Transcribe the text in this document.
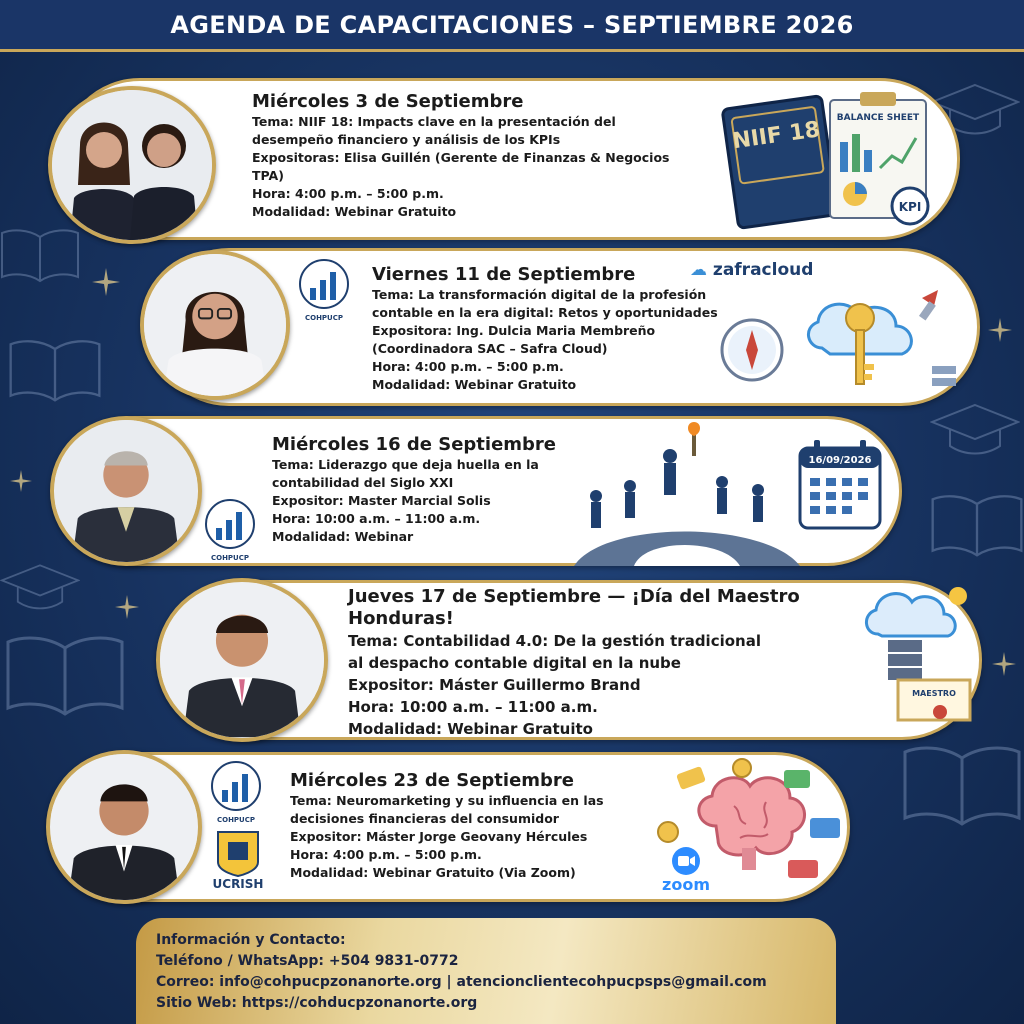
AGENDA DE CAPACITACIONES – SEPTIEMBRE 2026
Miércoles 3 de Septiembre
Tema: NIIF 18: Impacts clave en la presentación del
desempeño financiero y análisis de los KPIs
Expositoras: Elisa Guillén (Gerente de Finanzas & Negocios
TPA)
Hora: 4:00 p.m. – 5:00 p.m.
Modalidad: Webinar Gratuito
NIIF 18 BALANCE SHEET
KPI
COHPUCP
Viernes 11 de Septiembre
Tema: La transformación digital de la profesión
contable en la era digital: Retos y oportunidades
Expositora: Ing. Dulcia Maria Membreño
(Coordinadora SAC – Safra Cloud)
Hora: 4:00 p.m. – 5:00 p.m.
Modalidad: Webinar Gratuito
☁ zafracloud
COHPUCP
Miércoles 16 de Septiembre
Tema: Liderazgo que deja huella en la
contabilidad del Siglo XXI
Expositor: Master Marcial Solis
Hora: 10:00 a.m. – 11:00 a.m.
Modalidad: Webinar
16/09/2026
Jueves 17 de Septiembre — ¡Día del Maestro Honduras!
Tema: Contabilidad 4.0: De la gestión tradicional
al despacho contable digital en la nube
Expositor: Máster Guillermo Brand
Hora: 10:00 a.m. – 11:00 a.m.
Modalidad: Webinar Gratuito
MAESTRO
COHPUCP
UCRISH
Miércoles 23 de Septiembre
Tema: Neuromarketing y su influencia en las
decisiones financieras del consumidor
Expositor: Máster Jorge Geovany Hércules
Hora: 4:00 p.m. – 5:00 p.m.
Modalidad: Webinar Gratuito (Via Zoom)
zoom
Información y Contacto:
Teléfono / WhatsApp: +504 9831-0772
Correo: info@cohpucpzonanorte.org | atencionclientecohpucpsps@gmail.com
Sitio Web: https://cohducpzonanorte.org
